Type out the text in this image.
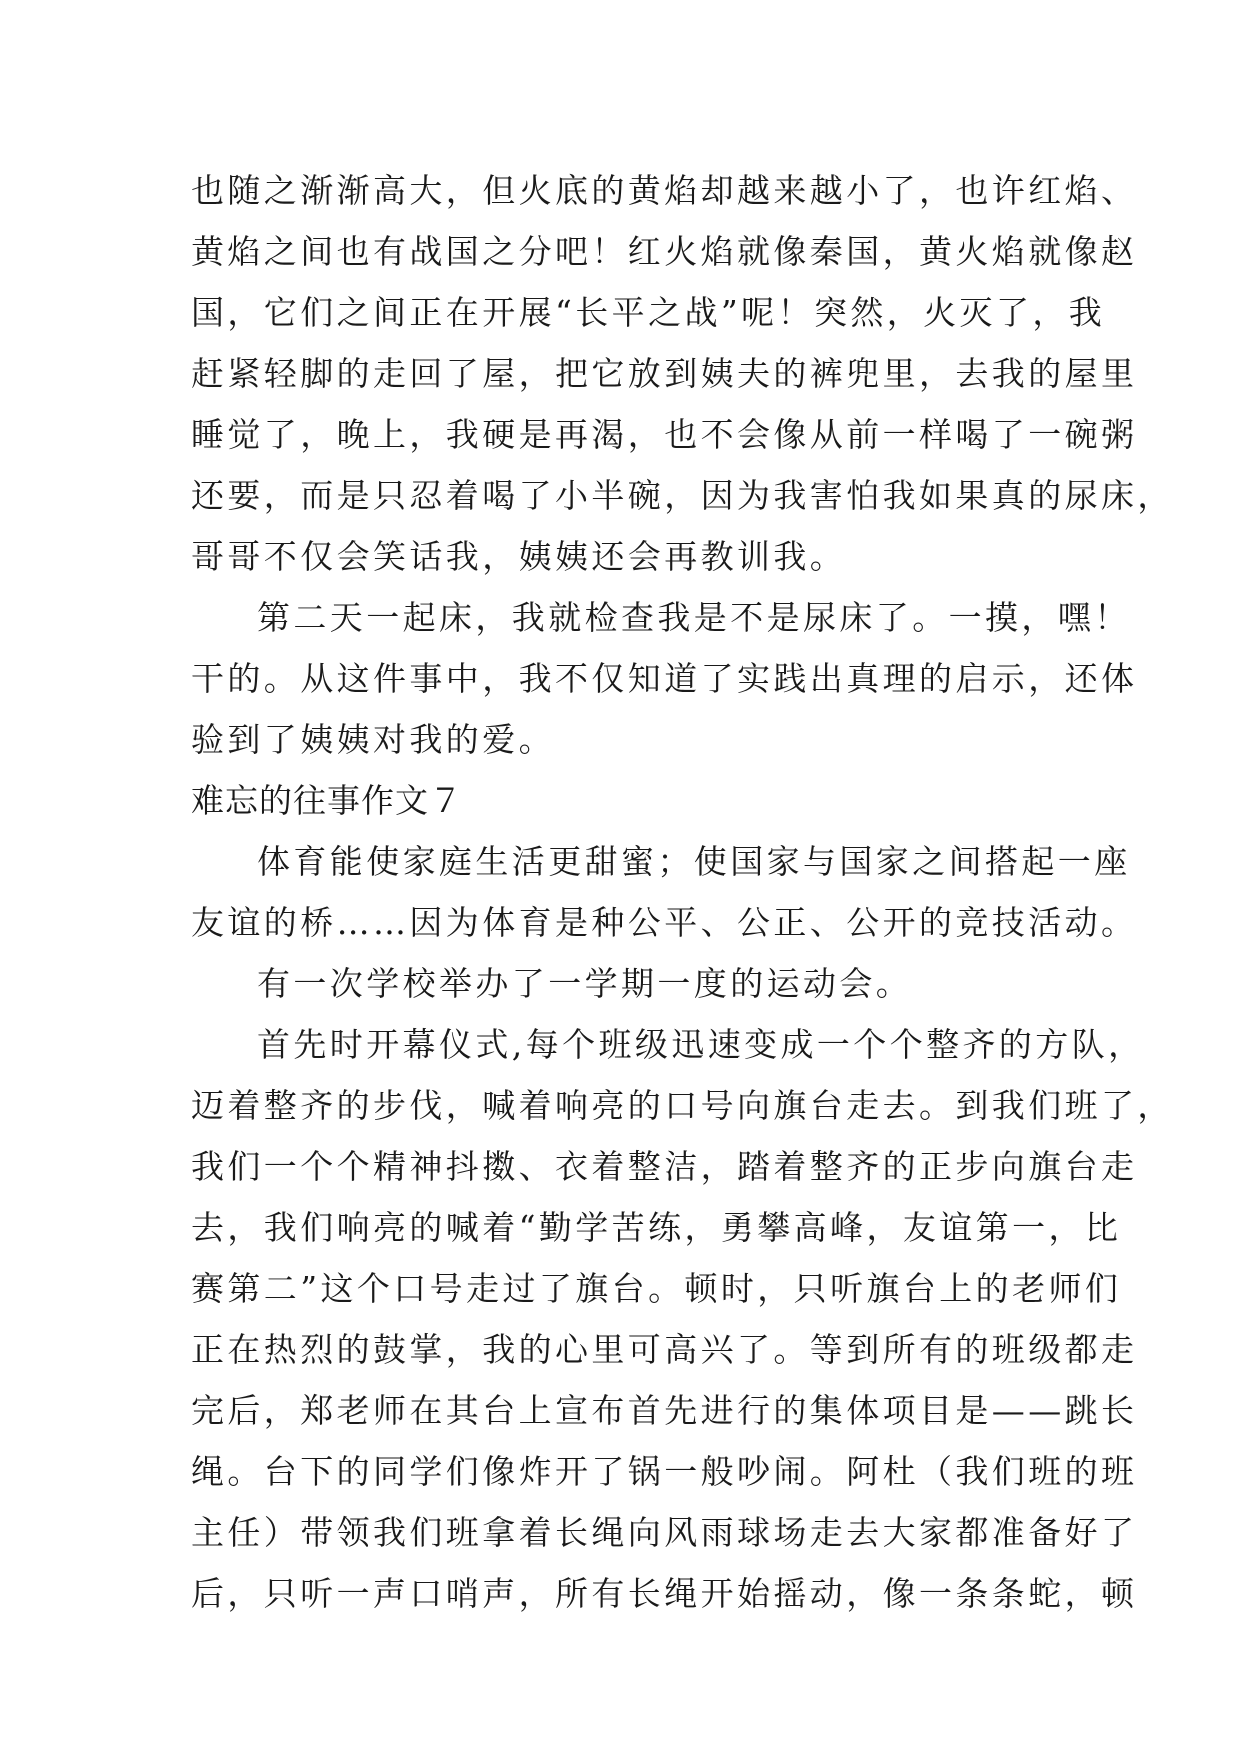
也随之渐渐高大，但火底的黄焰却越来越小了，也许红焰、
黄焰之间也有战国之分吧！红火焰就像秦国，黄火焰就像赵
国，它们之间正在开展“长平之战”呢！突然，火灭了，我
赶紧轻脚的走回了屋，把它放到姨夫的裤兜里，去我的屋里
睡觉了，晚上，我硬是再渴，也不会像从前一样喝了一碗粥
还要，而是只忍着喝了小半碗，因为我害怕我如果真的尿床，
哥哥不仅会笑话我，姨姨还会再教训我。
第二天一起床，我就检查我是不是尿床了。一摸，嘿！
干的。从这件事中，我不仅知道了实践出真理的启示，还体
验到了姨姨对我的爱。
难忘的往事作文７
体育能使家庭生活更甜蜜；使国家与国家之间搭起一座
友谊的桥……因为体育是种公平、公正、公开的竞技活动。
有一次学校举办了一学期一度的运动会。
首先时开幕仪式,每个班级迅速变成一个个整齐的方队，
迈着整齐的步伐，喊着响亮的口号向旗台走去。到我们班了，
我们一个个精神抖擞、衣着整洁，踏着整齐的正步向旗台走
去，我们响亮的喊着“勤学苦练，勇攀高峰，友谊第一，比
赛第二”这个口号走过了旗台。顿时，只听旗台上的老师们
正在热烈的鼓掌，我的心里可高兴了。等到所有的班级都走
完后，郑老师在其台上宣布首先进行的集体项目是——跳长
绳。台下的同学们像炸开了锅一般吵闹。阿杜（我们班的班
主任）带领我们班拿着长绳向风雨球场走去大家都准备好了
后，只听一声口哨声，所有长绳开始摇动，像一条条蛇，顿
